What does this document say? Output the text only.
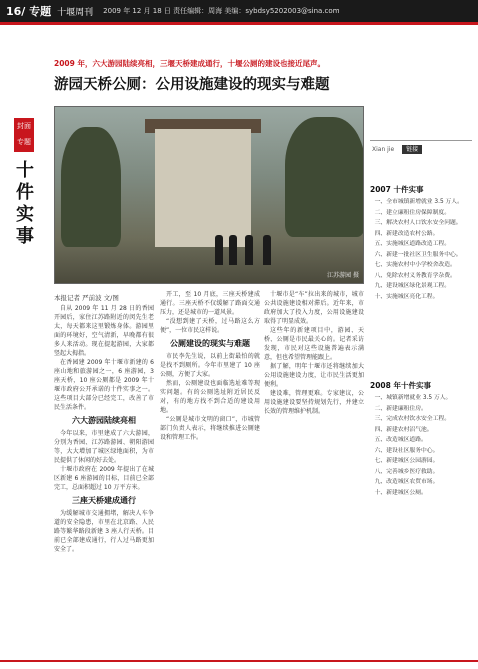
16/ 专题 十堰周刊 2009 年 12 月 18 日 责任编辑：周海 美编：sybdsy5202003@sina.com
2009 年，六大游园陆续亮相，三堰天桥建成通行，十堰公厕的建设也接近尾声。
游园天桥公厕：公用设施建设的现实与难题
封面专题
十件实事
江苏游园 摄
本报记者 严前波 文/图

自从 2009 年 11 月 28 日的香园开园后，家住江苏路附近的闵先生老太，每天都来这里锻炼身体。游园里面的环境好，空气清新，早晚都有很多人来活动。现在提起游园，大家都竖起大拇指。

在香园建 2009 年十堰市新建的 6 座山地和旅游园之一，6 座游园，3 座天桥，10 座公厕都是 2009 年十堰市政府公开承诺的十件实事之一。这些项目大部分已经完工，改善了市民生活条件。

六大游园陆续亮相

今年以来，市里建成了六大游园，分别为香园、江苏路游园、朝阳游园等，大大增加了城区绿地面积，为市民提供了休闲的好去处。

十堰市政府在 2009 年提出了在城区新建 6 座游园的目标，目前已全部完工，总面积超过 10 万平方米。

三座天桥建成通行

为缓解城市交通拥堵，解决人车争道的安全隐患，市里在北京路、人民路等繁华路段新建 3 座人行天桥。目前已全部建成通行，行人过马路更加安全了。

开工，至 10 月底，三座天桥建成通行。三座天桥不仅缓解了路面交通压力，还是城市的一道风景。

“没想到建了天桥，过马路这么方便”，一位市民这样说。

公厕建设的现实与难题

市民李先生说，以前上街最怕的就是找不到厕所。今年市里建了 10 座公厕，方便了大家。

然而，公厕建设也面临选址难等现实问题。有的公厕选址附近居民反对，有的地方找不到合适的建设用地。

“公厕是城市文明的窗口”，市城管部门负责人表示，将继续推进公厕建设和管理工作。

十堰市是“车”拉出来的城市，城市公共设施建设相对滞后。近年来，市政府加大了投入力度，公用设施建设取得了明显成效。

这些年的新建项目中，游园、天桥、公厕是市民最关心的。记者采访发现，市民对这些设施普遍表示满意，但也希望管理能跟上。

据了解，明年十堰市还将继续加大公用设施建设力度，让市民生活更加便利。

建设难，管理更难。专家建议，公用设施建设要坚持规划先行，并建立长效的管理维护机制。

Xian jie 链接
2007 十件实事
一、全市城镇新增就业 3.5 万人。
二、建立廉租住房保障制度。
三、解决农村人口饮水安全问题。
四、新建改造农村公路。
五、实施城区道路改造工程。
六、新建一批社区卫生服务中心。
七、实施农村中小学校舍改造。
八、免除农村义务教育学杂费。
九、建设城区绿化景观工程。
十、实施城区亮化工程。
2008 年十件实事
一、城镇新增就业 3.5 万人。
二、新建廉租住房。
三、完成农村饮水安全工程。
四、新建农村沼气池。
五、改造城区道路。
六、建设社区服务中心。
七、新建城区公园游园。
八、完善城乡医疗救助。
九、改造城区农贸市场。
十、新建城区公厕。
